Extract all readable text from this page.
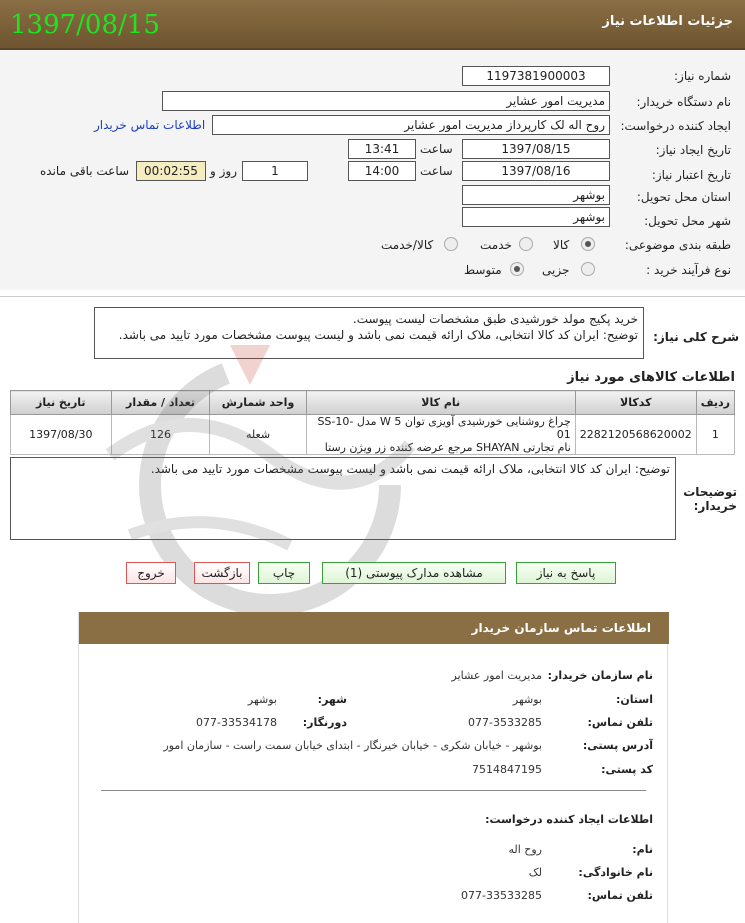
جزئیات اطلاعات نیاز
1397/08/15
شماره نیاز:
1197381900003
نام دستگاه خریدار:
مدیریت امور عشایر
ایجاد کننده درخواست:
روح اله لک کارپرداز مدیریت امور عشایر
اطلاعات تماس خریدار
تاریخ ایجاد نیاز:
1397/08/15
ساعت
13:41
تاریخ اعتبار نیاز:
1397/08/16
ساعت
14:00
1
روز و
00:02:55
ساعت باقی مانده
استان محل تحویل:
بوشهر
شهر محل تحویل:
بوشهر
طبقه بندی موضوعی:
کالا
خدمت
کالا/خدمت
نوع فرآیند خرید :
جزیی
متوسط
شرح کلی نیاز:
خرید پکیج مولد خورشیدی طبق مشخصات لیست پیوست.
توضیح: ایران کد کالا انتخابی، ملاک ارائه قیمت نمی باشد و لیست پیوست مشخصات مورد تایید می باشد.
اطلاعات کالاهای مورد نیاز
ردیف	کدکالا	نام کالا	واحد شمارش	تعداد / مقدار	تاریخ نیاز
1	2282120568620002	چراغ روشنایی خورشیدی آویزی توان W 5 مدل SS-10-01
نام تجارتی SHAYAN مرجع عرضه کننده زر ویژن رستا	شعله	126	1397/08/30
توضیحات خریدار:
توضیح: ایران کد کالا انتخابی، ملاک ارائه قیمت نمی باشد و لیست پیوست مشخصات مورد تایید می باشد.
پاسخ به نیاز
مشاهده مدارک پیوستی (1)
چاپ
بازگشت
خروج
اطلاعات تماس سازمان خریدار
نام سازمان خریدار:
مدیریت امور عشایر
استان:
بوشهر
شهر:
بوشهر
تلفن تماس:
077-3533285
دورنگار:
077-33534178
آدرس پستی:
بوشهر - خیابان شکری - خیابان خیرنگار - ابتدای خیابان سمت راست - سازمان امور
کد پستی:
7514847195
اطلاعات ایجاد کننده درخواست:
نام:
روح اله
نام خانوادگی:
لک
تلفن تماس:
077-33533285
